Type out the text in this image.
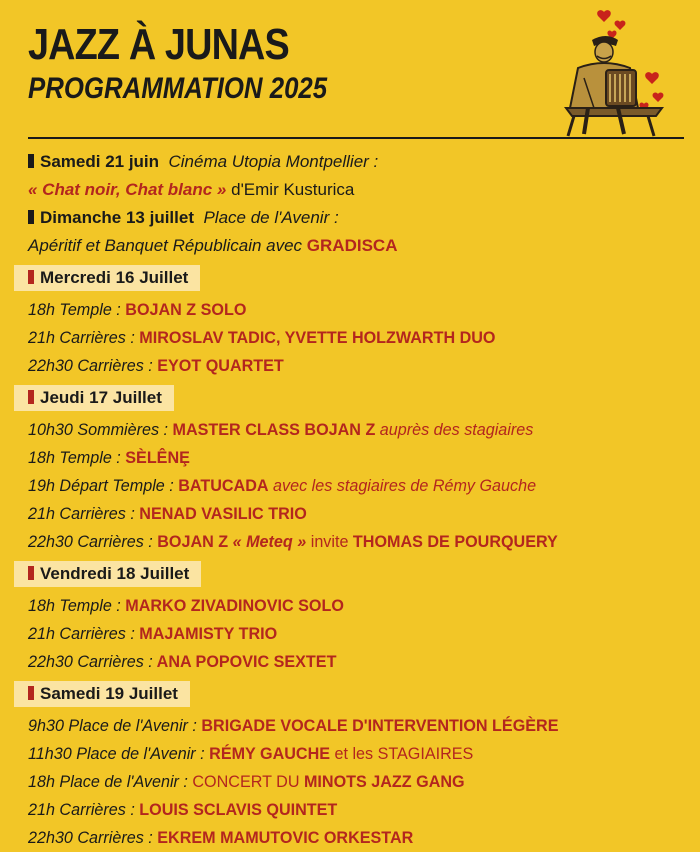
JAZZ À JUNAS
PROGRAMMATION 2025
Samedi 21 juin Cinéma Utopia Montpellier :
« Chat noir, Chat blanc » d'Emir Kusturica
Dimanche 13 juillet Place de l'Avenir :
Apéritif et Banquet Républicain avec GRADISCA
Mercredi 16 Juillet
18h Temple : BOJAN Z SOLO
21h Carrières : MIROSLAV TADIC, YVETTE HOLZWARTH DUO
22h30 Carrières : EYOT QUARTET
Jeudi 17 Juillet
10h30 Sommières : MASTER CLASS BOJAN Z auprès des stagiaires
18h Temple : SÈLÊNȨ
19h Départ Temple : BATUCADA avec les stagiaires de Rémy Gauche
21h Carrières : NENAD VASILIC TRIO
22h30 Carrières : BOJAN Z « Meteq » invite THOMAS DE POURQUERY
Vendredi 18 Juillet
18h Temple : MARKO ZIVADINOVIC SOLO
21h Carrières : MAJAMISTY TRIO
22h30 Carrières : ANA POPOVIC SEXTET
Samedi 19 Juillet
9h30 Place de l'Avenir : BRIGADE VOCALE D'INTERVENTION LÉGÈRE
11h30 Place de l'Avenir : RÉMY GAUCHE et les STAGIAIRES
18h Place de l'Avenir : CONCERT DU MINOTS JAZZ GANG
21h Carrières : LOUIS SCLAVIS QUINTET
22h30 Carrières : EKREM MAMUTOVIC ORKESTAR
